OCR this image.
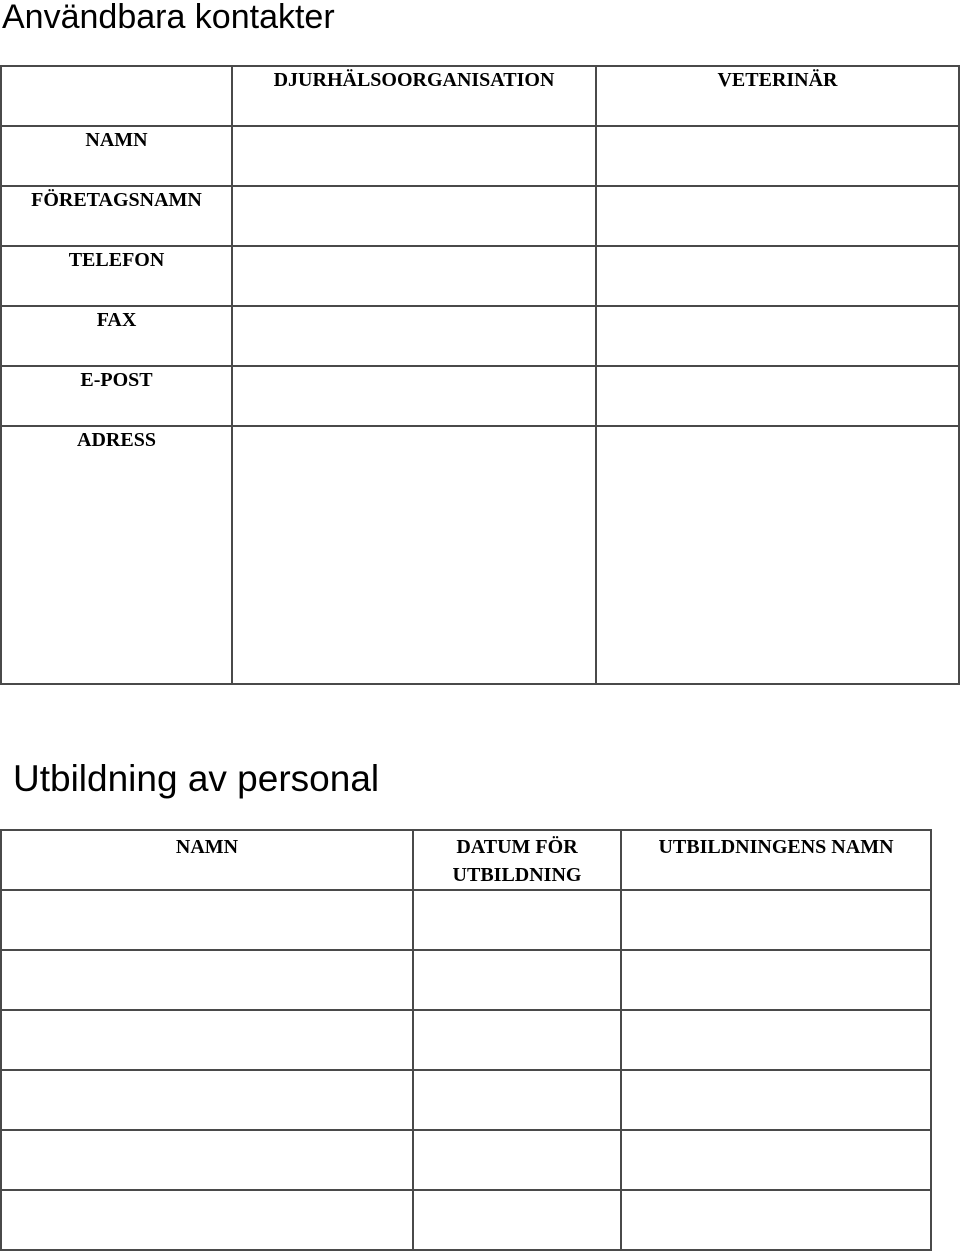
Användbara kontakter
	DJURHÄLSOORGANISATION	VETERINÄR
NAMN		
FÖRETAGSNAMN		
TELEFON		
FAX		
E-POST		
ADRESS		
Utbildning av personal
NAMN	DATUM FÖR UTBILDNING	UTBILDNINGENS NAMN
